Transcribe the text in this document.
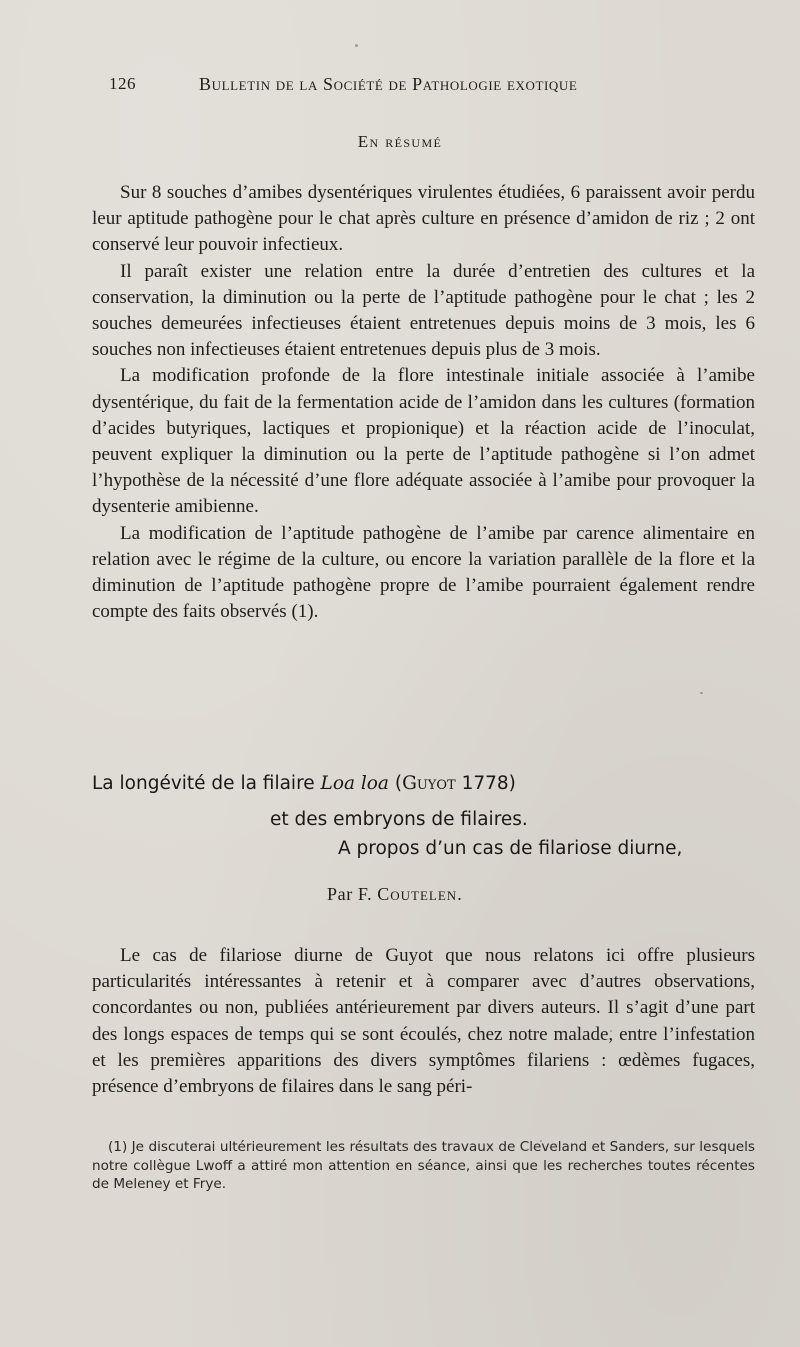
126	Bulletin de la Société de Pathologie exotique
En résumé

Sur 8 souches d’amibes dysentériques virulentes étudiées, 6 paraissent avoir perdu leur aptitude pathogène pour le chat après culture en présence d’amidon de riz ; 2 ont conservé leur pouvoir infectieux.

Il paraît exister une relation entre la durée d’entretien des cultures et la conservation, la diminution ou la perte de l’aptitude pathogène pour le chat ; les 2 souches demeurées infectieuses étaient entretenues depuis moins de 3 mois, les 6 souches non infectieuses étaient entretenues depuis plus de 3 mois.

La modification profonde de la flore intestinale initiale associée à l’amibe dysentérique, du fait de la fermentation acide de l’amidon dans les cultures (formation d’acides butyriques, lactiques et propionique) et la réaction acide de l’inoculat, peuvent expliquer la diminution ou la perte de l’aptitude pathogène si l’on admet l’hypothèse de la nécessité d’une flore adéquate associée à l’amibe pour provoquer la dysenterie amibienne.

La modification de l’aptitude pathogène de l’amibe par carence alimentaire en relation avec le régime de la culture, ou encore la variation parallèle de la flore et la diminution de l’aptitude pathogène propre de l’amibe pourraient également rendre compte des faits observés (1).

La longévité de la filaire Loa loa (Guyot 1778)
et des embryons de filaires.
A propos d’un cas de filariose diurne,
Par F. Coutelen.

Le cas de filariose diurne de Guyot que nous relatons ici offre plusieurs particularités intéressantes à retenir et à comparer avec d’autres observations, concordantes ou non, publiées antérieurement par divers auteurs. Il s’agit d’une part des longs espaces de temps qui se sont écoulés, chez notre malade, entre l’infestation et les premières apparitions des divers symptômes filariens : œdèmes fugaces, présence d’embryons de filaires dans le sang péri-

(1) Je discuterai ultérieurement les résultats des travaux de Cleveland et Sanders, sur lesquels notre collègue Lwoff a attiré mon attention en séance, ainsi que les recherches toutes récentes de Meleney et Frye.
